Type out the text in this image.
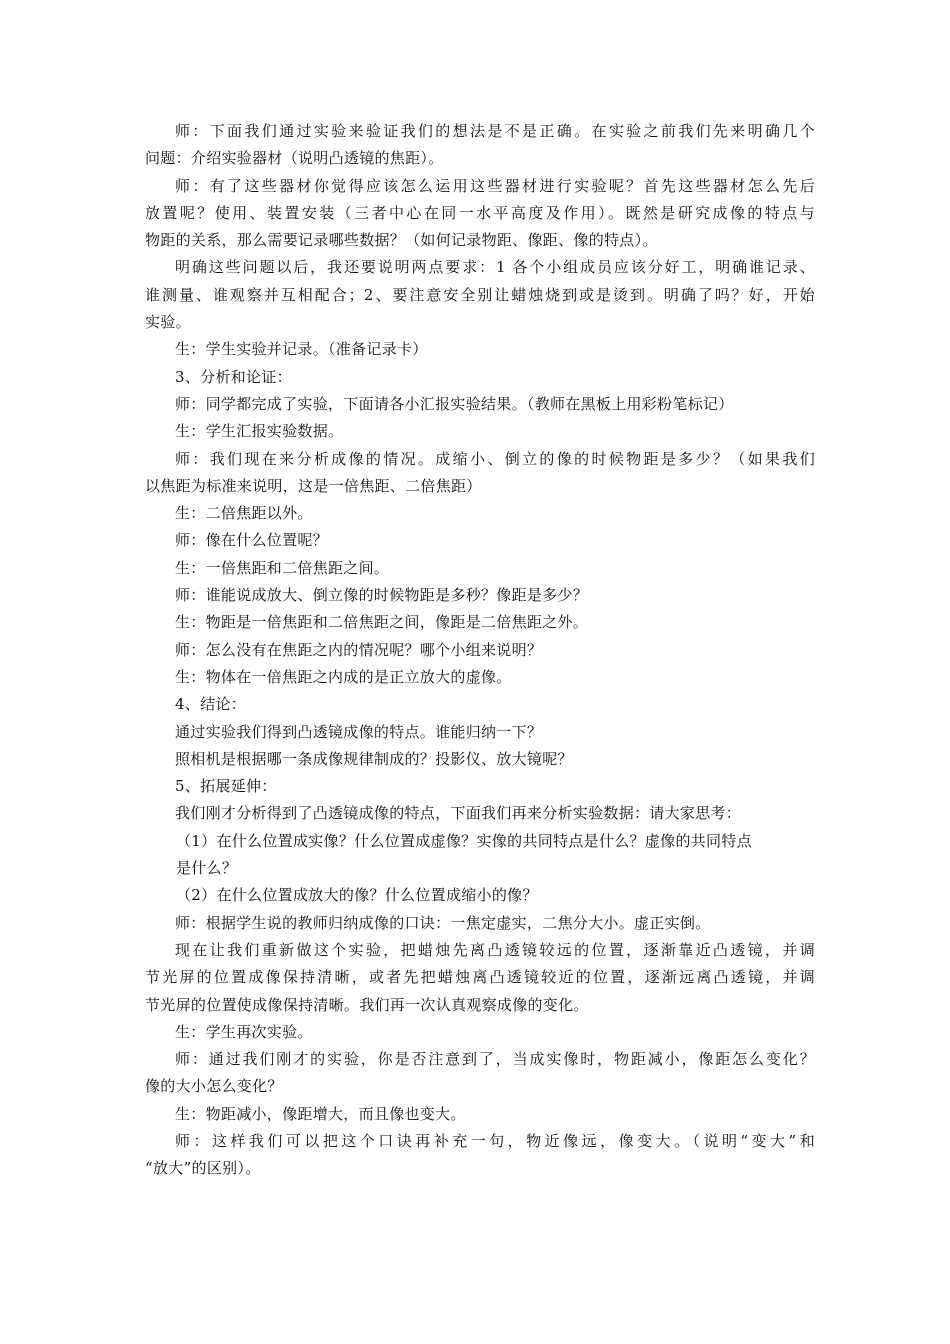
师：下面我们通过实验来验证我们的想法是不是正确。在实验之前我们先来明确几个
问题：介绍实验器材（说明凸透镜的焦距）。
师：有了这些器材你觉得应该怎么运用这些器材进行实验呢？首先这些器材怎么先后
放置呢？使用、装置安装（三者中心在同一水平高度及作用）。既然是研究成像的特点与
物距的关系，那么需要记录哪些数据？（如何记录物距、像距、像的特点）。
明确这些问题以后，我还要说明两点要求：1 各个小组成员应该分好工，明确谁记录、
谁测量、谁观察并互相配合；2、要注意安全别让蜡烛烧到或是烫到。明确了吗？好，开始
实验。
生：学生实验并记录。（准备记录卡）
3、分析和论证：
师：同学都完成了实验，下面请各小汇报实验结果。（教师在黑板上用彩粉笔标记）
生：学生汇报实验数据。
师：我们现在来分析成像的情况。成缩小、倒立的像的时候物距是多少？（如果我们
以焦距为标准来说明，这是一倍焦距、二倍焦距）
生：二倍焦距以外。
师：像在什么位置呢？
生：一倍焦距和二倍焦距之间。
师：谁能说成放大、倒立像的时候物距是多秒？像距是多少？
生：物距是一倍焦距和二倍焦距之间，像距是二倍焦距之外。
师：怎么没有在焦距之内的情况呢？哪个小组来说明？
生：物体在一倍焦距之内成的是正立放大的虚像。
4、结论：
通过实验我们得到凸透镜成像的特点。谁能归纳一下？
照相机是根据哪一条成像规律制成的？投影仪、放大镜呢？
5、拓展延伸：
我们刚才分析得到了凸透镜成像的特点，下面我们再来分析实验数据：请大家思考：
（1）在什么位置成实像？什么位置成虚像？实像的共同特点是什么？虚像的共同特点
是什么？
（2）在什么位置成放大的像？什么位置成缩小的像？
师：根据学生说的教师归纳成像的口诀：一焦定虚实，二焦分大小。虚正实倒。
现在让我们重新做这个实验，把蜡烛先离凸透镜较远的位置，逐渐靠近凸透镜，并调
节光屏的位置成像保持清晰，或者先把蜡烛离凸透镜较近的位置，逐渐远离凸透镜，并调
节光屏的位置使成像保持清晰。我们再一次认真观察成像的变化。
生：学生再次实验。
师：通过我们刚才的实验，你是否注意到了，当成实像时，物距减小，像距怎么变化？
像的大小怎么变化？
生：物距减小，像距增大，而且像也变大。
师：这样我们可以把这个口诀再补充一句，物近像远，像变大。（说明“变大”和
“放大”的区别）。
